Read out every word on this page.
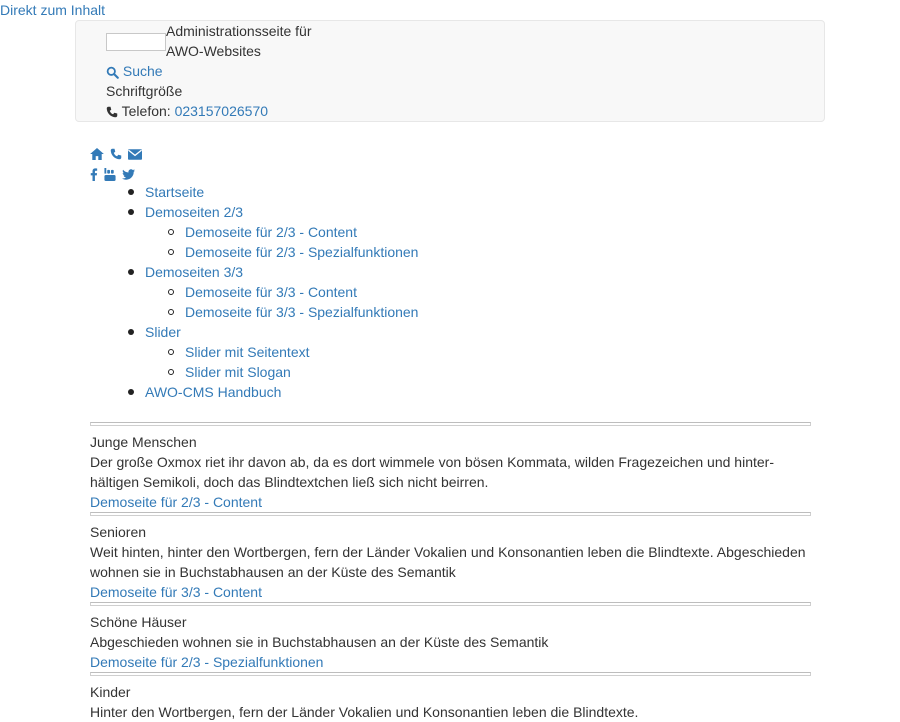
Direkt zum Inhalt
Administrationsseite für AWO-Websites
Suche
Schriftgröße
Telefon: 023157026570

Startseite
Demoseiten 2/3
Demoseite für 2/3 - Content
Demoseite für 2/3 - Spezialfunktionen
Demoseiten 3/3
Demoseite für 3/3 - Content
Demoseite für 3/3 - Spezialfunktionen
Slider
Slider mit Seitentext
Slider mit Slogan
AWO-CMS Handbuch
Junge Menschen
Der große Oxmox riet ihr davon ab, da es dort wimmele von bösen Kommata, wilden Fragezeichen und hinter-hältigen Semikoli, doch das Blindtextchen ließ sich nicht beirren.
Demoseite für 2/3 - Content
Senioren
Weit hinten, hinter den Wortbergen, fern der Länder Vokalien und Konsonantien leben die Blindtexte. Abgeschieden wohnen sie in Buchstabhausen an der Küste des Semantik
Demoseite für 3/3 - Content
Schöne Häuser
Abgeschieden wohnen sie in Buchstabhausen an der Küste des Semantik
Demoseite für 2/3 - Spezialfunktionen
Kinder
Hinter den Wortbergen, fern der Länder Vokalien und Konsonantien leben die Blindtexte.
